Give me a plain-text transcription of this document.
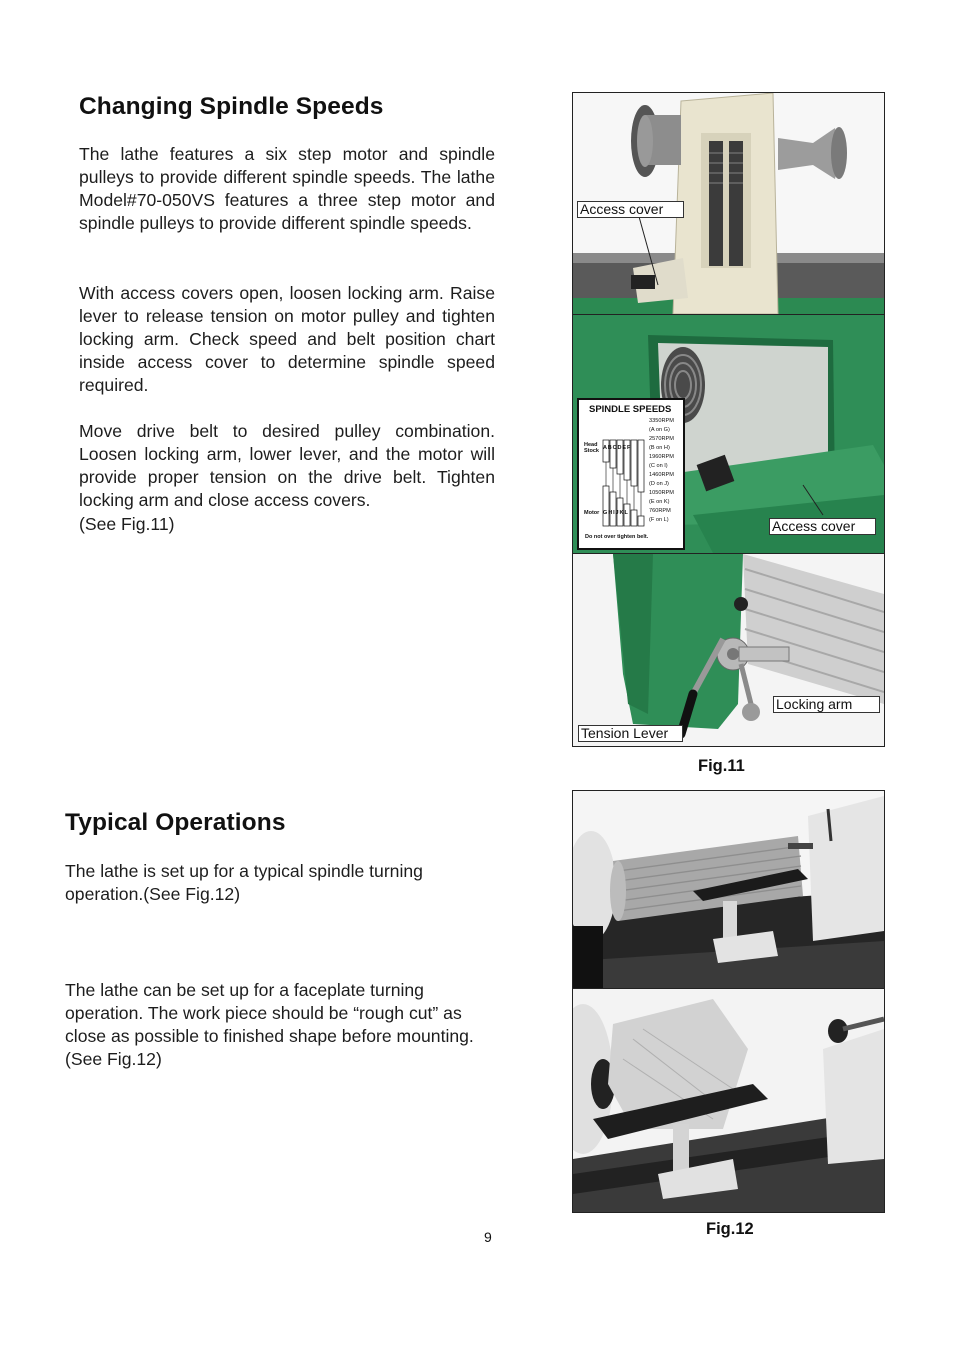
Changing Spindle Speeds

The lathe features a six step motor and spindle pulleys to provide different spindle speeds. The lathe Model#70-050VS features a three step motor and spindle pulleys to provide different spindle speeds.

With access covers open, loosen locking arm. Raise lever to release tension on motor pulley and tighten locking arm. Check speed and belt position chart inside access cover to determine spindle speed required.

Move drive belt to desired pulley combination. Loosen locking arm, lower lever, and the motor will provide proper tension on the drive belt. Tighten locking arm and close access covers.

(See Fig.11)

Typical Operations

The lathe is set up for a typical spindle turning operation.(See Fig.12)

The lathe can be set up for a faceplate turning operation. The work piece should be “rough cut” as close as possible to finished shape before mounting. (See Fig.12)

9
Access cover
SPINDLE SPEEDS
Head Stock A B C D E F
Motor G H I J K L
3350RPM
(A on G)
2570RPM
(B on H)
1960RPM
(C on I)
1460RPM
(D on J)
1050RPM
(E on K)
760RPM
(F on L)
Do not over tighten belt.
Access cover
Locking arm
Tension Lever
Fig.11
Fig.12
